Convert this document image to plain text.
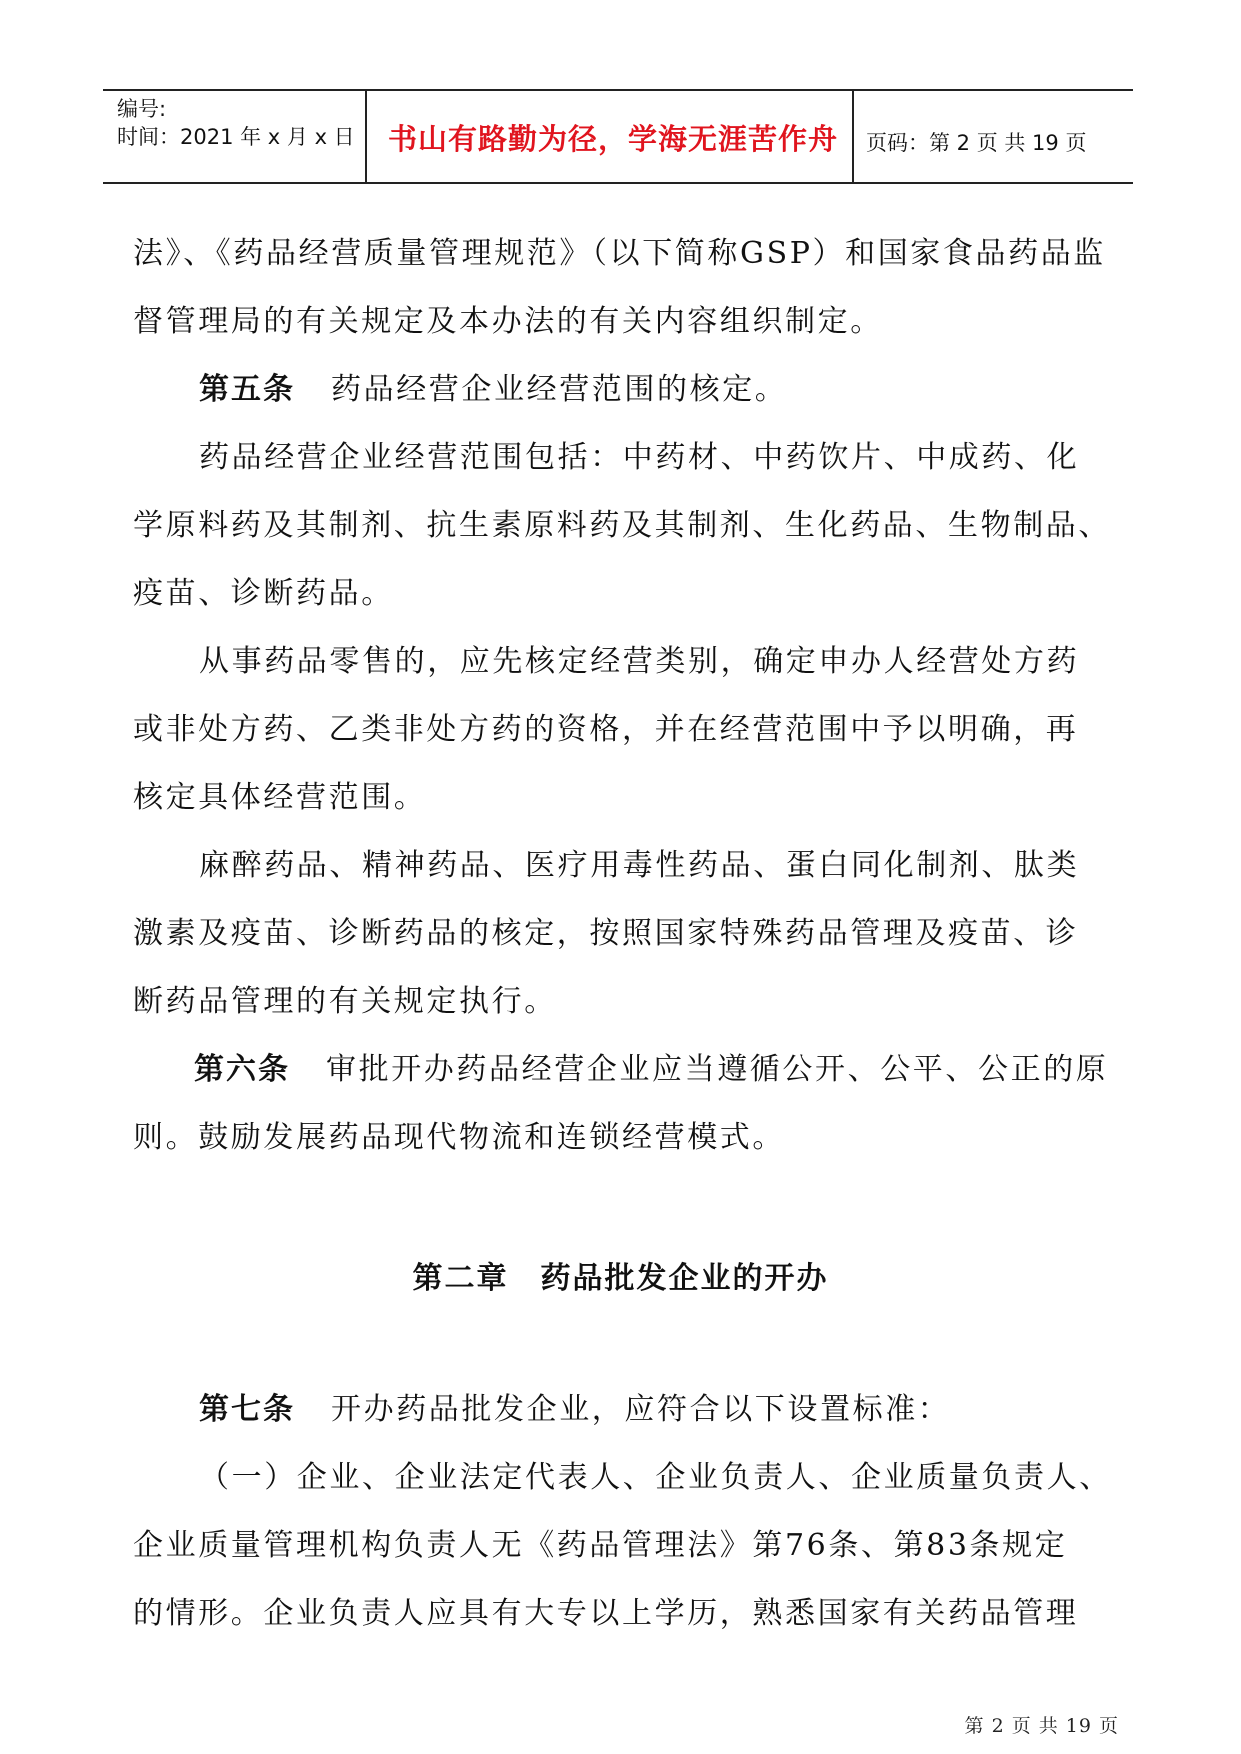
编号:
时间：2021 年 x 月 x 日	书山有路勤为径，学海无涯苦作舟	页码：第 2 页 共 19 页
法》、《药品经营质量管理规范》（以下简称GSP）和国家食品药品监
督管理局的有关规定及本办法的有关内容组织制定。
第五条 药品经营企业经营范围的核定。
药品经营企业经营范围包括：中药材、中药饮片、中成药、化
学原料药及其制剂、抗生素原料药及其制剂、生化药品、生物制品、
疫苗、诊断药品。
从事药品零售的，应先核定经营类别，确定申办人经营处方药
或非处方药、乙类非处方药的资格，并在经营范围中予以明确，再
核定具体经营范围。
麻醉药品、精神药品、医疗用毒性药品、蛋白同化制剂、肽类
激素及疫苗、诊断药品的核定，按照国家特殊药品管理及疫苗、诊
断药品管理的有关规定执行。
第六条 审批开办药品经营企业应当遵循公开、公平、公正的原
则。鼓励发展药品现代物流和连锁经营模式。
第二章　药品批发企业的开办
第七条 开办药品批发企业，应符合以下设置标准：
（一）企业、企业法定代表人、企业负责人、企业质量负责人、
企业质量管理机构负责人无《药品管理法》第76条、第83条规定
的情形。企业负责人应具有大专以上学历，熟悉国家有关药品管理
第 2 页 共 19 页
